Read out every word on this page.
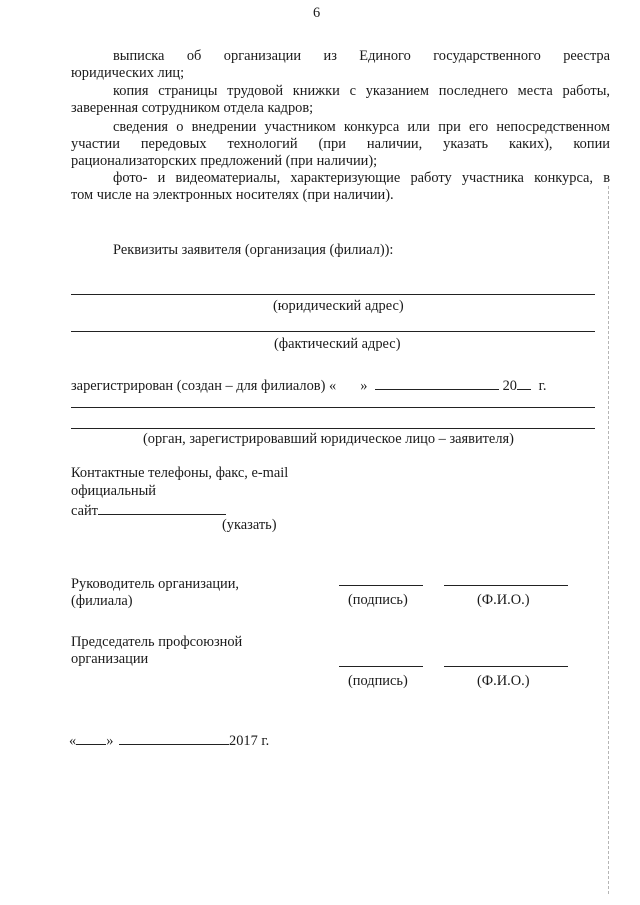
6
выписка об организации из Единого государственного реестра
юридических лиц;
копия страницы трудовой книжки с указанием последнего места работы,
заверенная сотрудником отдела кадров;
сведения о внедрении участником конкурса или при его непосредственном
участии передовых технологий (при наличии, указать каких), копии
рационализаторских предложений (при наличии);
фото- и видеоматериалы, характеризующие работу участника конкурса, в
том числе на электронных носителях (при наличии).
Реквизиты заявителя (организация (филиал)):
(юридический адрес)
(фактический адрес)
зарегистрирован (создан – для филиалов) « »	20 г.
(орган, зарегистрировавший юридическое лицо – заявителя)
Контактные телефоны, факс, e-mail
официальный
сайт
(указать)
Руководитель организации,
(филиала)	(подпись)	(Ф.И.О.)
Председатель профсоюзной
организации
(подпись)	(Ф.И.О.)
« »	2017 г.
